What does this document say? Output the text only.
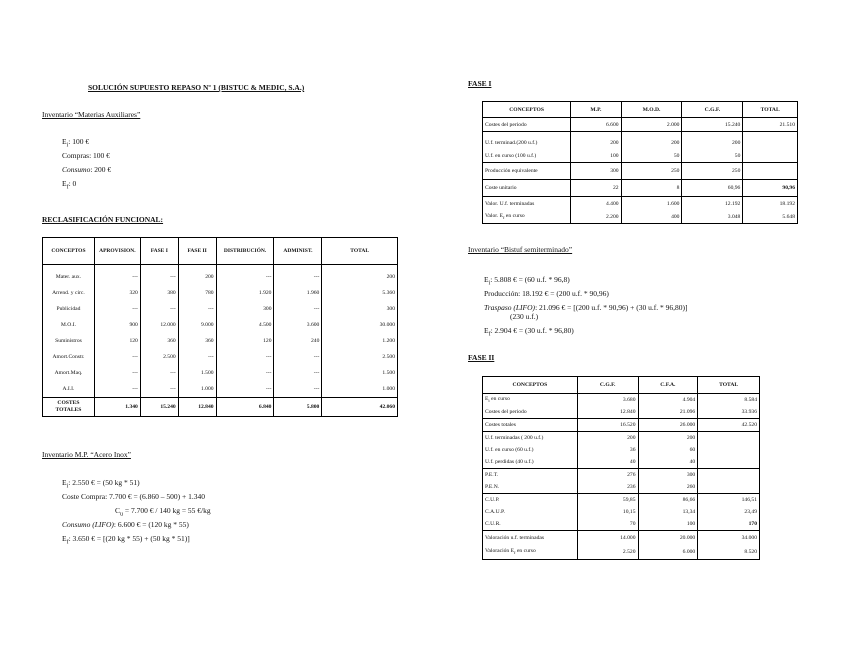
SOLUCIÓN SUPUESTO REPASO Nº 1 (BISTUC & MEDIC, S.A.)
Inventario “Materias Auxiliares”
$E_i$: 100 €
Compras: 100 €
Consumo: 200 €
$E_f$: 0
RECLASIFICACIÓN FUNCIONAL:
CONCEPTOS	APROVISION.	FASE I	FASE II	DISTRIBUCIÓN.	ADMINIST.	TOTAL
Mater. aux.	---	---	200	---	---	200
Arrend. y circ.	320	380	780	1.920	1.960	5.360
Publicidad	---	---	---	300	---	300
M.O.I.	900	12.000	9.000	4.500	3.600	30.000
Suministros	120	360	360	120	240	1.200
Amort.Constr.	---	2.500	---	---	---	2.500
Amort.Maq.	---	---	1.500	---	---	1.500
A.I.I.	---	---	1.000	---	---	1.000
COSTES TOTALES	1.340	15.240	12.840	6.840	5.800	42.060
Inventario M.P. “Acero Inox”
$E_i$: 2.550 € = (50 kg * 51)
Coste Compra: 7.700 € = (6.860 – 500) + 1.340
$C_u = 7.700$ € / 140 kg = 55 €/kg
Consumo (LIFO): 6.600 € = (120 kg * 55)
$E_f$: 3.650 € = [(20 kg * 55) + (50 kg * 51)]
FASE I
CONCEPTOS	M.P.	M.O.D.	C.G.F.	TOTAL
Costes del periodo	6.600	2.000	15.240	21.510
U.f. terminad.(200 u.f.)	200	200	200	
U.f. en curso (100 u.f.)	100	50	50	
Producción equivalente	300	250	250	
Coste unitario	22	8	60,96	90,96
Valor. U.f. terminadas	4.400	1.600	12.192	18.192
Valor. $E_f$ en curso	2.200	400	3.048	5.648
Inventario “Bistuf semiterminado”
$E_i$: 5.808 € = (60 u.f. * 96,8)
Producción: 18.192 € = (200 u.f. * 90,96)
Traspaso (LIFO): 21.096 € = [(200 u.f. * 90,96) + (30 u.f. * 96,80)]
(230 u.f.)
$E_f$: 2.904 € = (30 u.f. * 96,80)
FASE II
CONCEPTOS	C.G.F.	C.F.A.	TOTAL
$E_i$ en curso	3.680	4.904	8.584
Costes del periodo	12.840	21.096	33.936
Costes totales	16.520	26.000	42.520
U.f. terminadas ( 200 u.f.)	200	200	
U.f. en curso (60 u.f.)	36	60	
U.f. perdidas (40 u.f.)	40	40	
P.E.T.	276	300	
P.E.N.	236	260	
C.U.P.	59,85	86,66	146,51
C.A.U.P.	10,15	13,34	23,49
C.U.R.	70	100	170
Valoración u.f. terminadas	14.000	20.000	34.000
Valoración $E_f$ en curso	2.520	6.000	8.520
